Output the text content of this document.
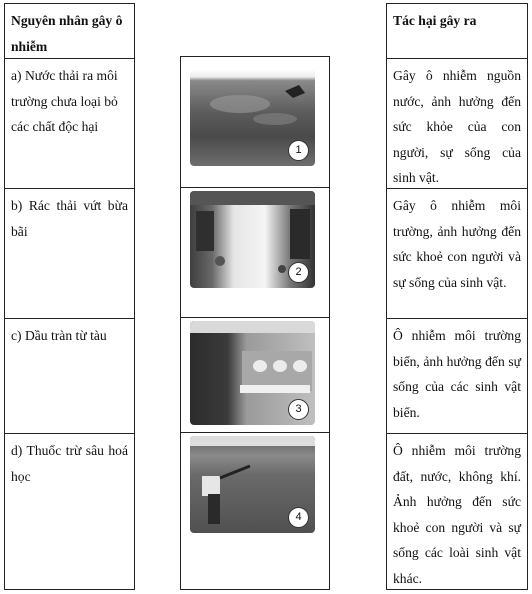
Nguyên nhân gây ô nhiễm
a) Nước thải ra môi trường chưa loại bỏ các chất độc hại
b) Rác thải vứt bừa bãi
c) Dầu tràn từ tàu
d) Thuốc trừ sâu hoá học
1
2
3
4
Tác hại gây ra
Gây ô nhiễm nguồn nước, ảnh hưởng đến sức khỏe của con người, sự sống của sinh vật.
Gây ô nhiễm môi trường, ảnh hưởng đến sức khoẻ con người và sự sống của sinh vật.
Ô nhiễm môi trường biển, ảnh hưởng đến sự sống của các sinh vật biển.
Ô nhiễm môi trường đất, nước, không khí. Ảnh hưởng đến sức khoẻ con người và sự sống các loài sinh vật khác.
